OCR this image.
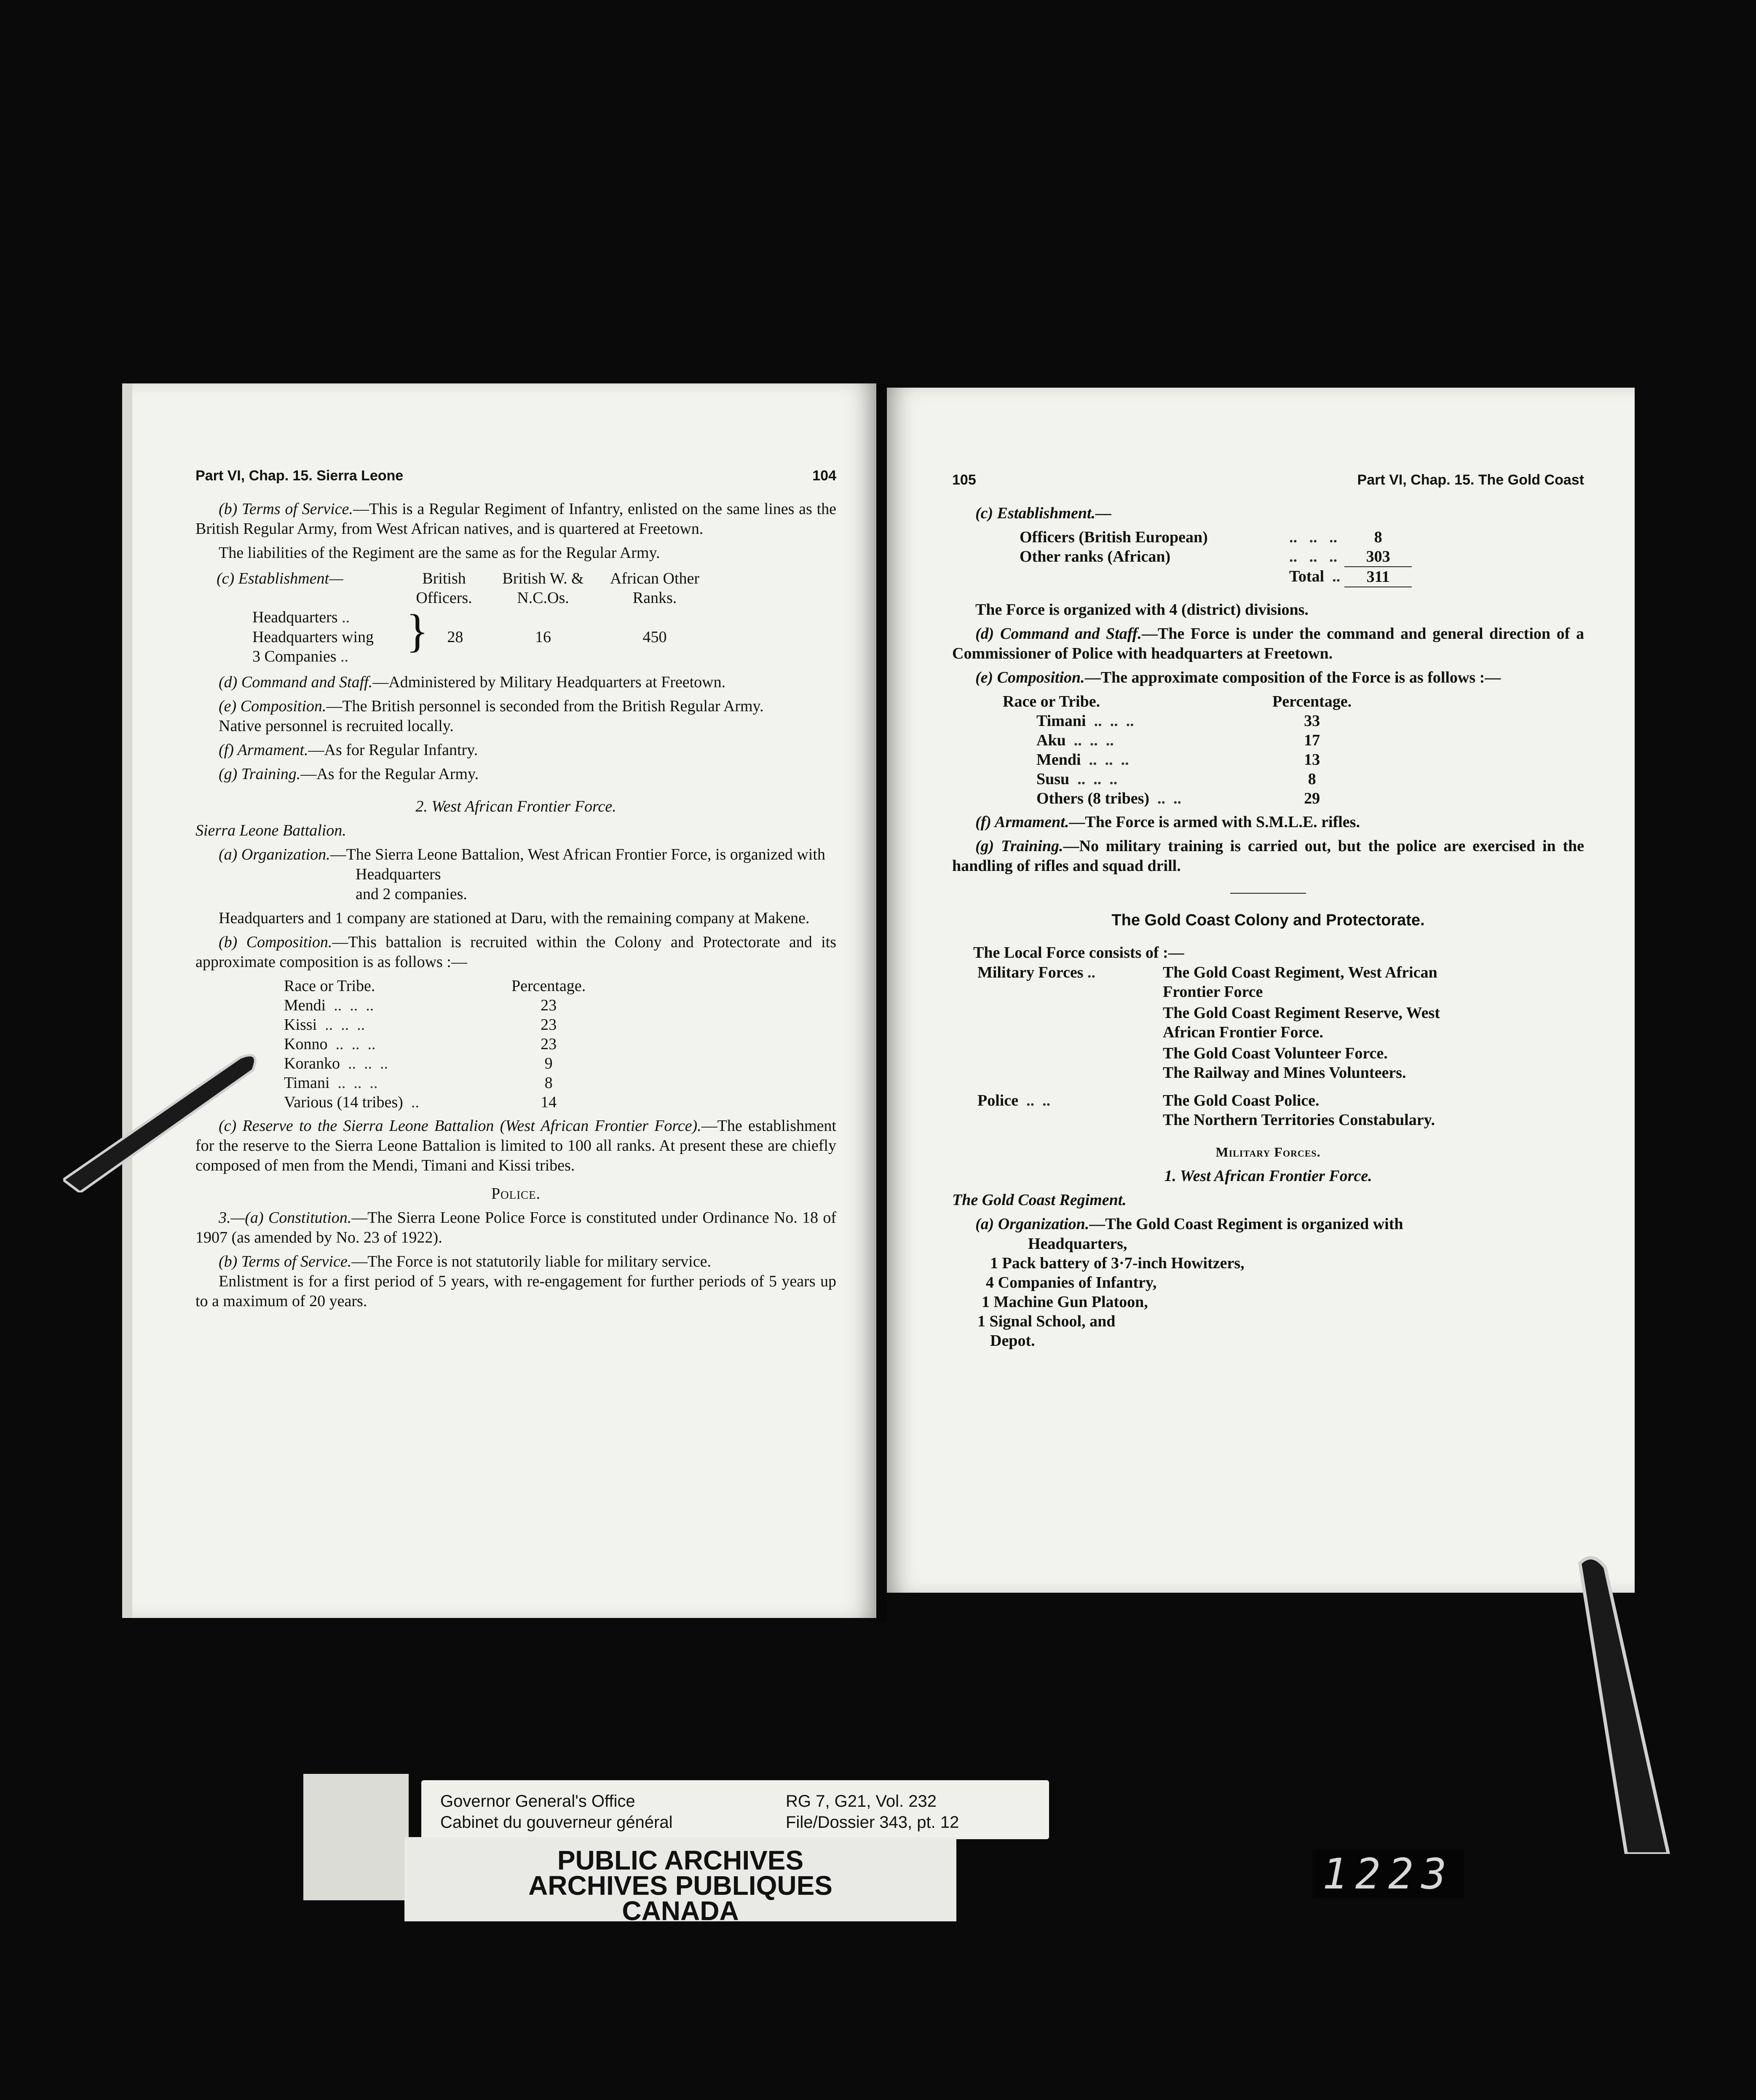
Part VI, Chap. 15. Sierra Leone	104

(b) Terms of Service.—This is a Regular Regiment of Infantry, enlisted on the same lines as the British Regular Army, from West African natives, and is quartered at Freetown.

The liabilities of the Regiment are the same as for the Regular Army.

(c) Establishment—	British Officers.	British W. & N.C.Os.	African Other Ranks.
Headquarters ..	} 28	16	450
Headquarters wing			
3 Companies ..			

(d) Command and Staff.—Administered by Military Headquarters at Freetown.

(e) Composition.—The British personnel is seconded from the British Regular Army.

Native personnel is recruited locally.

(f) Armament.—As for Regular Infantry.

(g) Training.—As for the Regular Army.

2. West African Frontier Force.

Sierra Leone Battalion.

(a) Organization.—The Sierra Leone Battalion, West African Frontier Force, is organized with

Headquarters

and 2 companies.

Headquarters and 1 company are stationed at Daru, with the remaining company at Makene.

(b) Composition.—This battalion is recruited within the Colony and Protectorate and its approximate composition is as follows :—

Race or Tribe.	Percentage.
Mendi  ..  ..  ..	23
Kissi  ..  ..  ..	23
Konno  ..  ..  ..	23
Koranko  ..  ..  ..	9
Timani  ..  ..  ..	8
Various (14 tribes)  ..	14

(c) Reserve to the Sierra Leone Battalion (West African Frontier Force).—The establishment for the reserve to the Sierra Leone Battalion is limited to 100 all ranks. At present these are chiefly composed of men from the Mendi, Timani and Kissi tribes.

Police.

3.—(a) Constitution.—The Sierra Leone Police Force is constituted under Ordinance No. 18 of 1907 (as amended by No. 23 of 1922).

(b) Terms of Service.—The Force is not statutorily liable for military service.

Enlistment is for a first period of 5 years, with re-engagement for further periods of 5 years up to a maximum of 20 years.

105	Part VI, Chap. 15. The Gold Coast

(c) Establishment.—

Officers (British European)	..   ..   ..	8
Other ranks (African)	..   ..   ..	303
	Total ..	311

The Force is organized with 4 (district) divisions.

(d) Command and Staff.—The Force is under the command and general direction of a Commissioner of Police with headquarters at Freetown.

(e) Composition.—The approximate composition of the Force is as follows :—

Race or Tribe.	Percentage.
Timani  ..  ..  ..	33
Aku  ..  ..  ..	17
Mendi  ..  ..  ..	13
Susu  ..  ..  ..	8
Others (8 tribes)  ..  ..	29

(f) Armament.—The Force is armed with S.M.L.E. rifles.

(g) Training.—No military training is carried out, but the police are exercised in the handling of rifles and squad drill.

The Gold Coast Colony and Protectorate.

The Local Force consists of :—

Military Forces ..	The Gold Coast Regiment, West African Frontier Force
The Gold Coast Regiment Reserve, West African Frontier Force.
The Gold Coast Volunteer Force.
The Railway and Mines Volunteers.

Police  ..  ..	The Gold Coast Police.
The Northern Territories Constabulary.

Military Forces.

1. West African Frontier Force.

The Gold Coast Regiment.

(a) Organization.—The Gold Coast Regiment is organized with

Headquarters,
1 Pack battery of 3·7-inch Howitzers,
4 Companies of Infantry,
1 Machine Gun Platoon,
1 Signal School, and
Depot.
Governor General's Office
Cabinet du gouverneur général
RG 7, G21, Vol. 232
File/Dossier 343, pt. 12
PUBLIC ARCHIVES
ARCHIVES PUBLIQUES
CANADA
1223
